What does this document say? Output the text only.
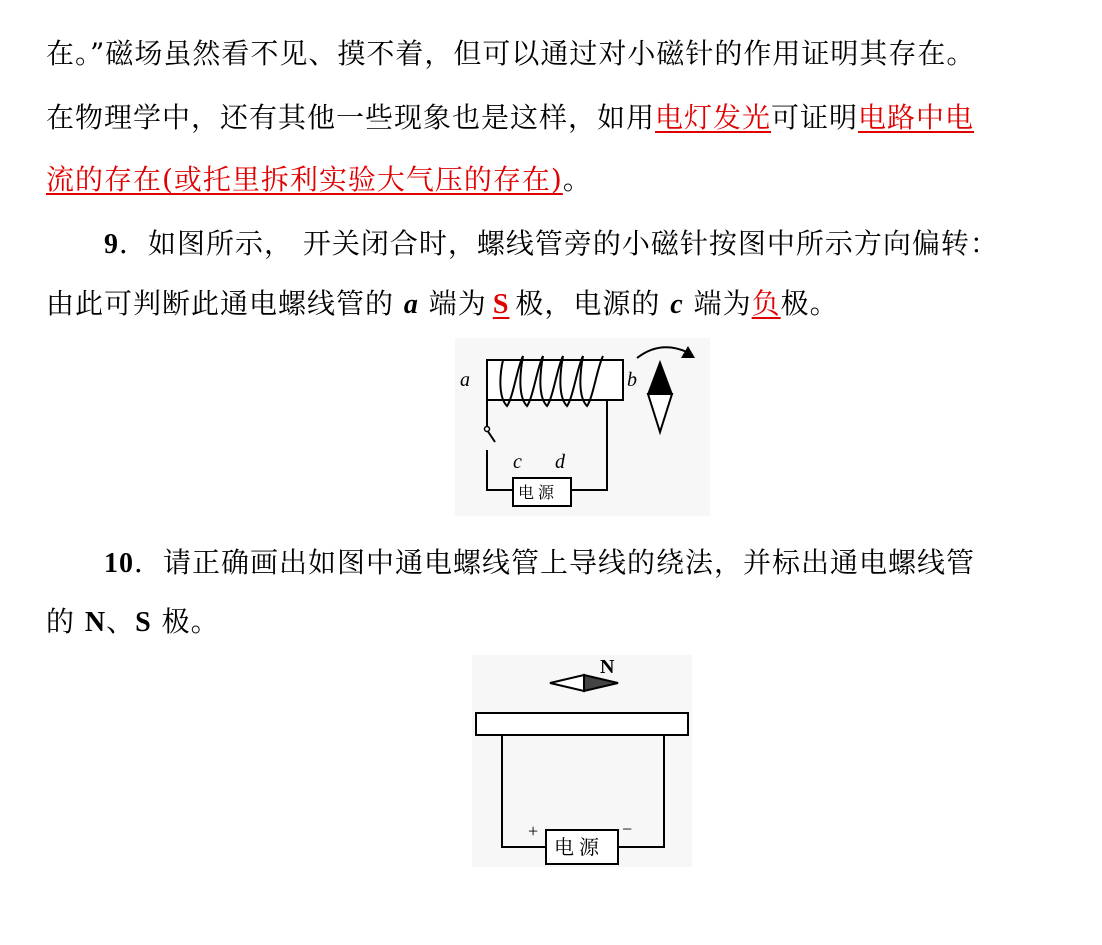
在。”磁场虽然看不见、摸不着，但可以通过对小磁针的作用证明其存在。
在物理学中，还有其他一些现象也是这样，如用电灯发光可证明电路中电
流的存在(或托里拆利实验大气压的存在)。
9．如图所示， 开关闭合时，螺线管旁的小磁针按图中所示方向偏转：
由此可判断此通电螺线管的 a 端为 S 极，电源的 c 端为负极。
a	b
c d
电 源
10．请正确画出如图中通电螺线管上导线的绕法，并标出通电螺线管
的 N、S 极。
N
+	−
电 源
